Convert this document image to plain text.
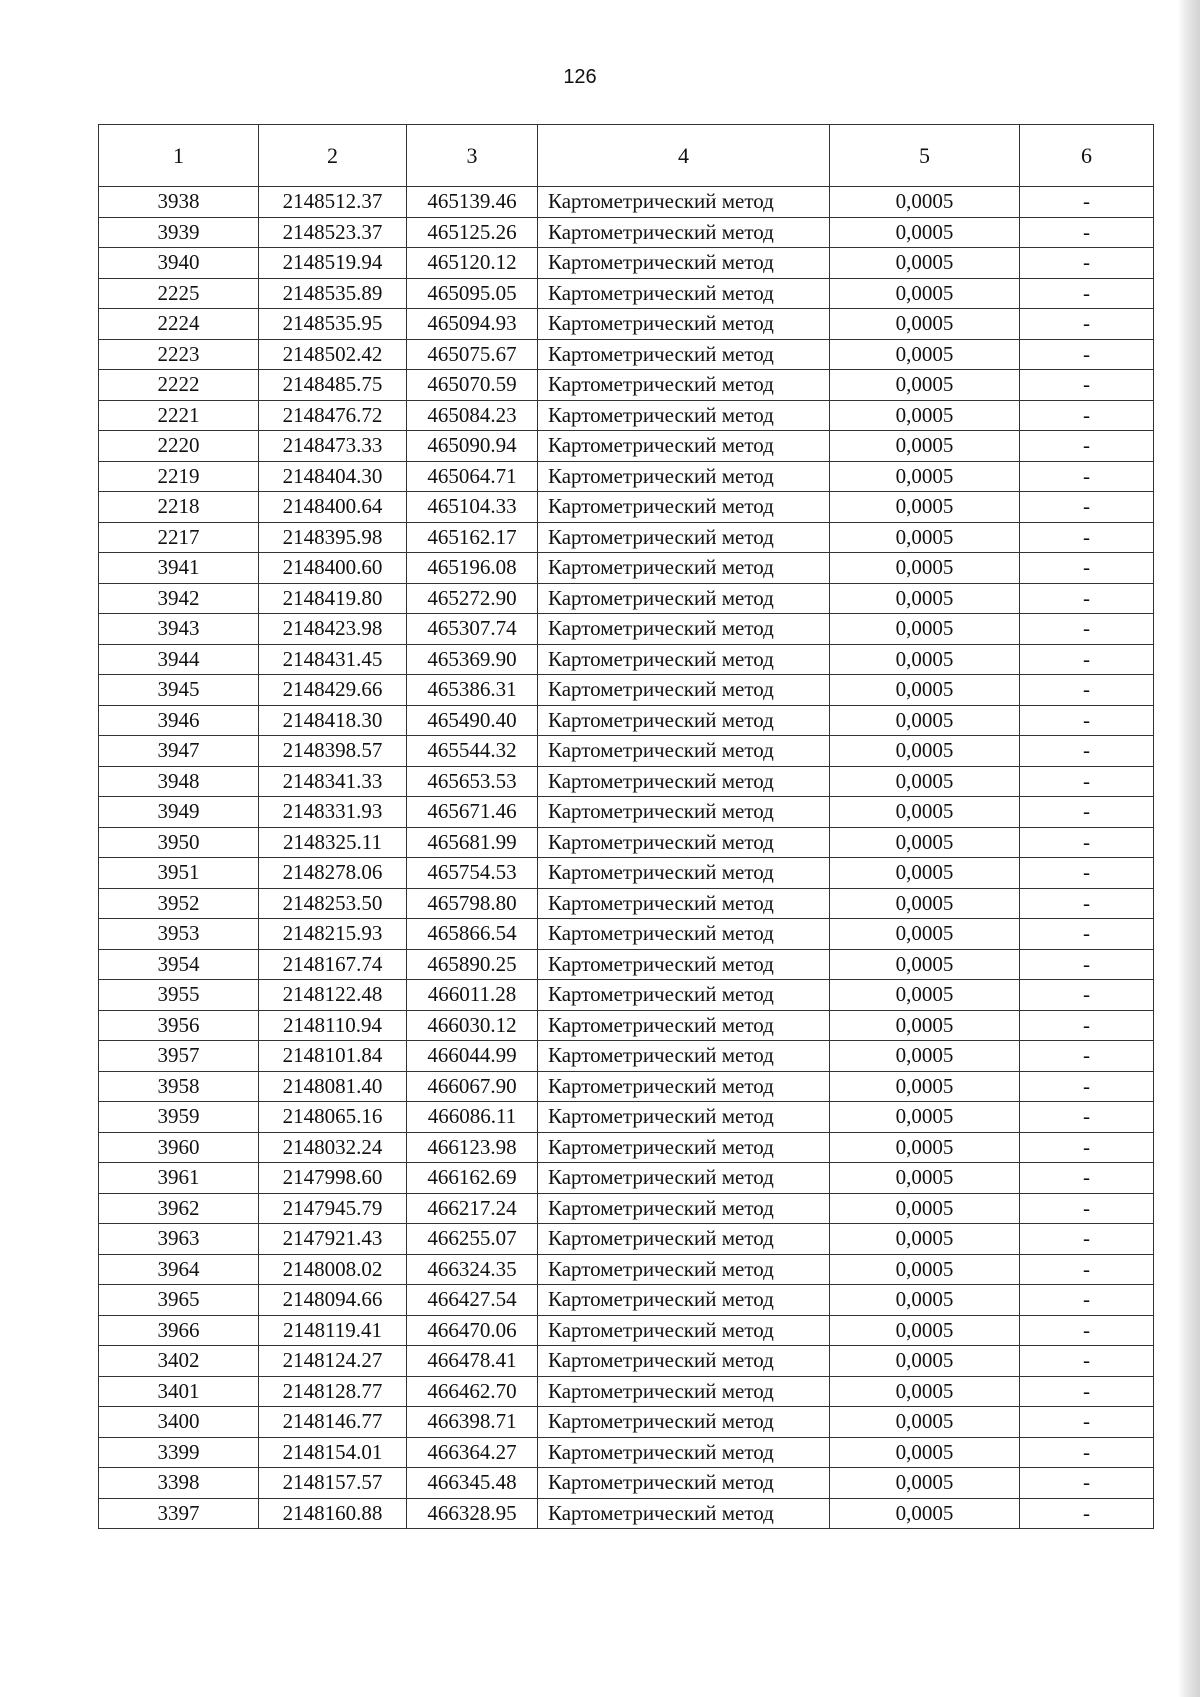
126
1	2	3	4	5	6
3938	2148512.37	465139.46	Картометрический метод	0,0005	-
3939	2148523.37	465125.26	Картометрический метод	0,0005	-
3940	2148519.94	465120.12	Картометрический метод	0,0005	-
2225	2148535.89	465095.05	Картометрический метод	0,0005	-
2224	2148535.95	465094.93	Картометрический метод	0,0005	-
2223	2148502.42	465075.67	Картометрический метод	0,0005	-
2222	2148485.75	465070.59	Картометрический метод	0,0005	-
2221	2148476.72	465084.23	Картометрический метод	0,0005	-
2220	2148473.33	465090.94	Картометрический метод	0,0005	-
2219	2148404.30	465064.71	Картометрический метод	0,0005	-
2218	2148400.64	465104.33	Картометрический метод	0,0005	-
2217	2148395.98	465162.17	Картометрический метод	0,0005	-
3941	2148400.60	465196.08	Картометрический метод	0,0005	-
3942	2148419.80	465272.90	Картометрический метод	0,0005	-
3943	2148423.98	465307.74	Картометрический метод	0,0005	-
3944	2148431.45	465369.90	Картометрический метод	0,0005	-
3945	2148429.66	465386.31	Картометрический метод	0,0005	-
3946	2148418.30	465490.40	Картометрический метод	0,0005	-
3947	2148398.57	465544.32	Картометрический метод	0,0005	-
3948	2148341.33	465653.53	Картометрический метод	0,0005	-
3949	2148331.93	465671.46	Картометрический метод	0,0005	-
3950	2148325.11	465681.99	Картометрический метод	0,0005	-
3951	2148278.06	465754.53	Картометрический метод	0,0005	-
3952	2148253.50	465798.80	Картометрический метод	0,0005	-
3953	2148215.93	465866.54	Картометрический метод	0,0005	-
3954	2148167.74	465890.25	Картометрический метод	0,0005	-
3955	2148122.48	466011.28	Картометрический метод	0,0005	-
3956	2148110.94	466030.12	Картометрический метод	0,0005	-
3957	2148101.84	466044.99	Картометрический метод	0,0005	-
3958	2148081.40	466067.90	Картометрический метод	0,0005	-
3959	2148065.16	466086.11	Картометрический метод	0,0005	-
3960	2148032.24	466123.98	Картометрический метод	0,0005	-
3961	2147998.60	466162.69	Картометрический метод	0,0005	-
3962	2147945.79	466217.24	Картометрический метод	0,0005	-
3963	2147921.43	466255.07	Картометрический метод	0,0005	-
3964	2148008.02	466324.35	Картометрический метод	0,0005	-
3965	2148094.66	466427.54	Картометрический метод	0,0005	-
3966	2148119.41	466470.06	Картометрический метод	0,0005	-
3402	2148124.27	466478.41	Картометрический метод	0,0005	-
3401	2148128.77	466462.70	Картометрический метод	0,0005	-
3400	2148146.77	466398.71	Картометрический метод	0,0005	-
3399	2148154.01	466364.27	Картометрический метод	0,0005	-
3398	2148157.57	466345.48	Картометрический метод	0,0005	-
3397	2148160.88	466328.95	Картометрический метод	0,0005	-
